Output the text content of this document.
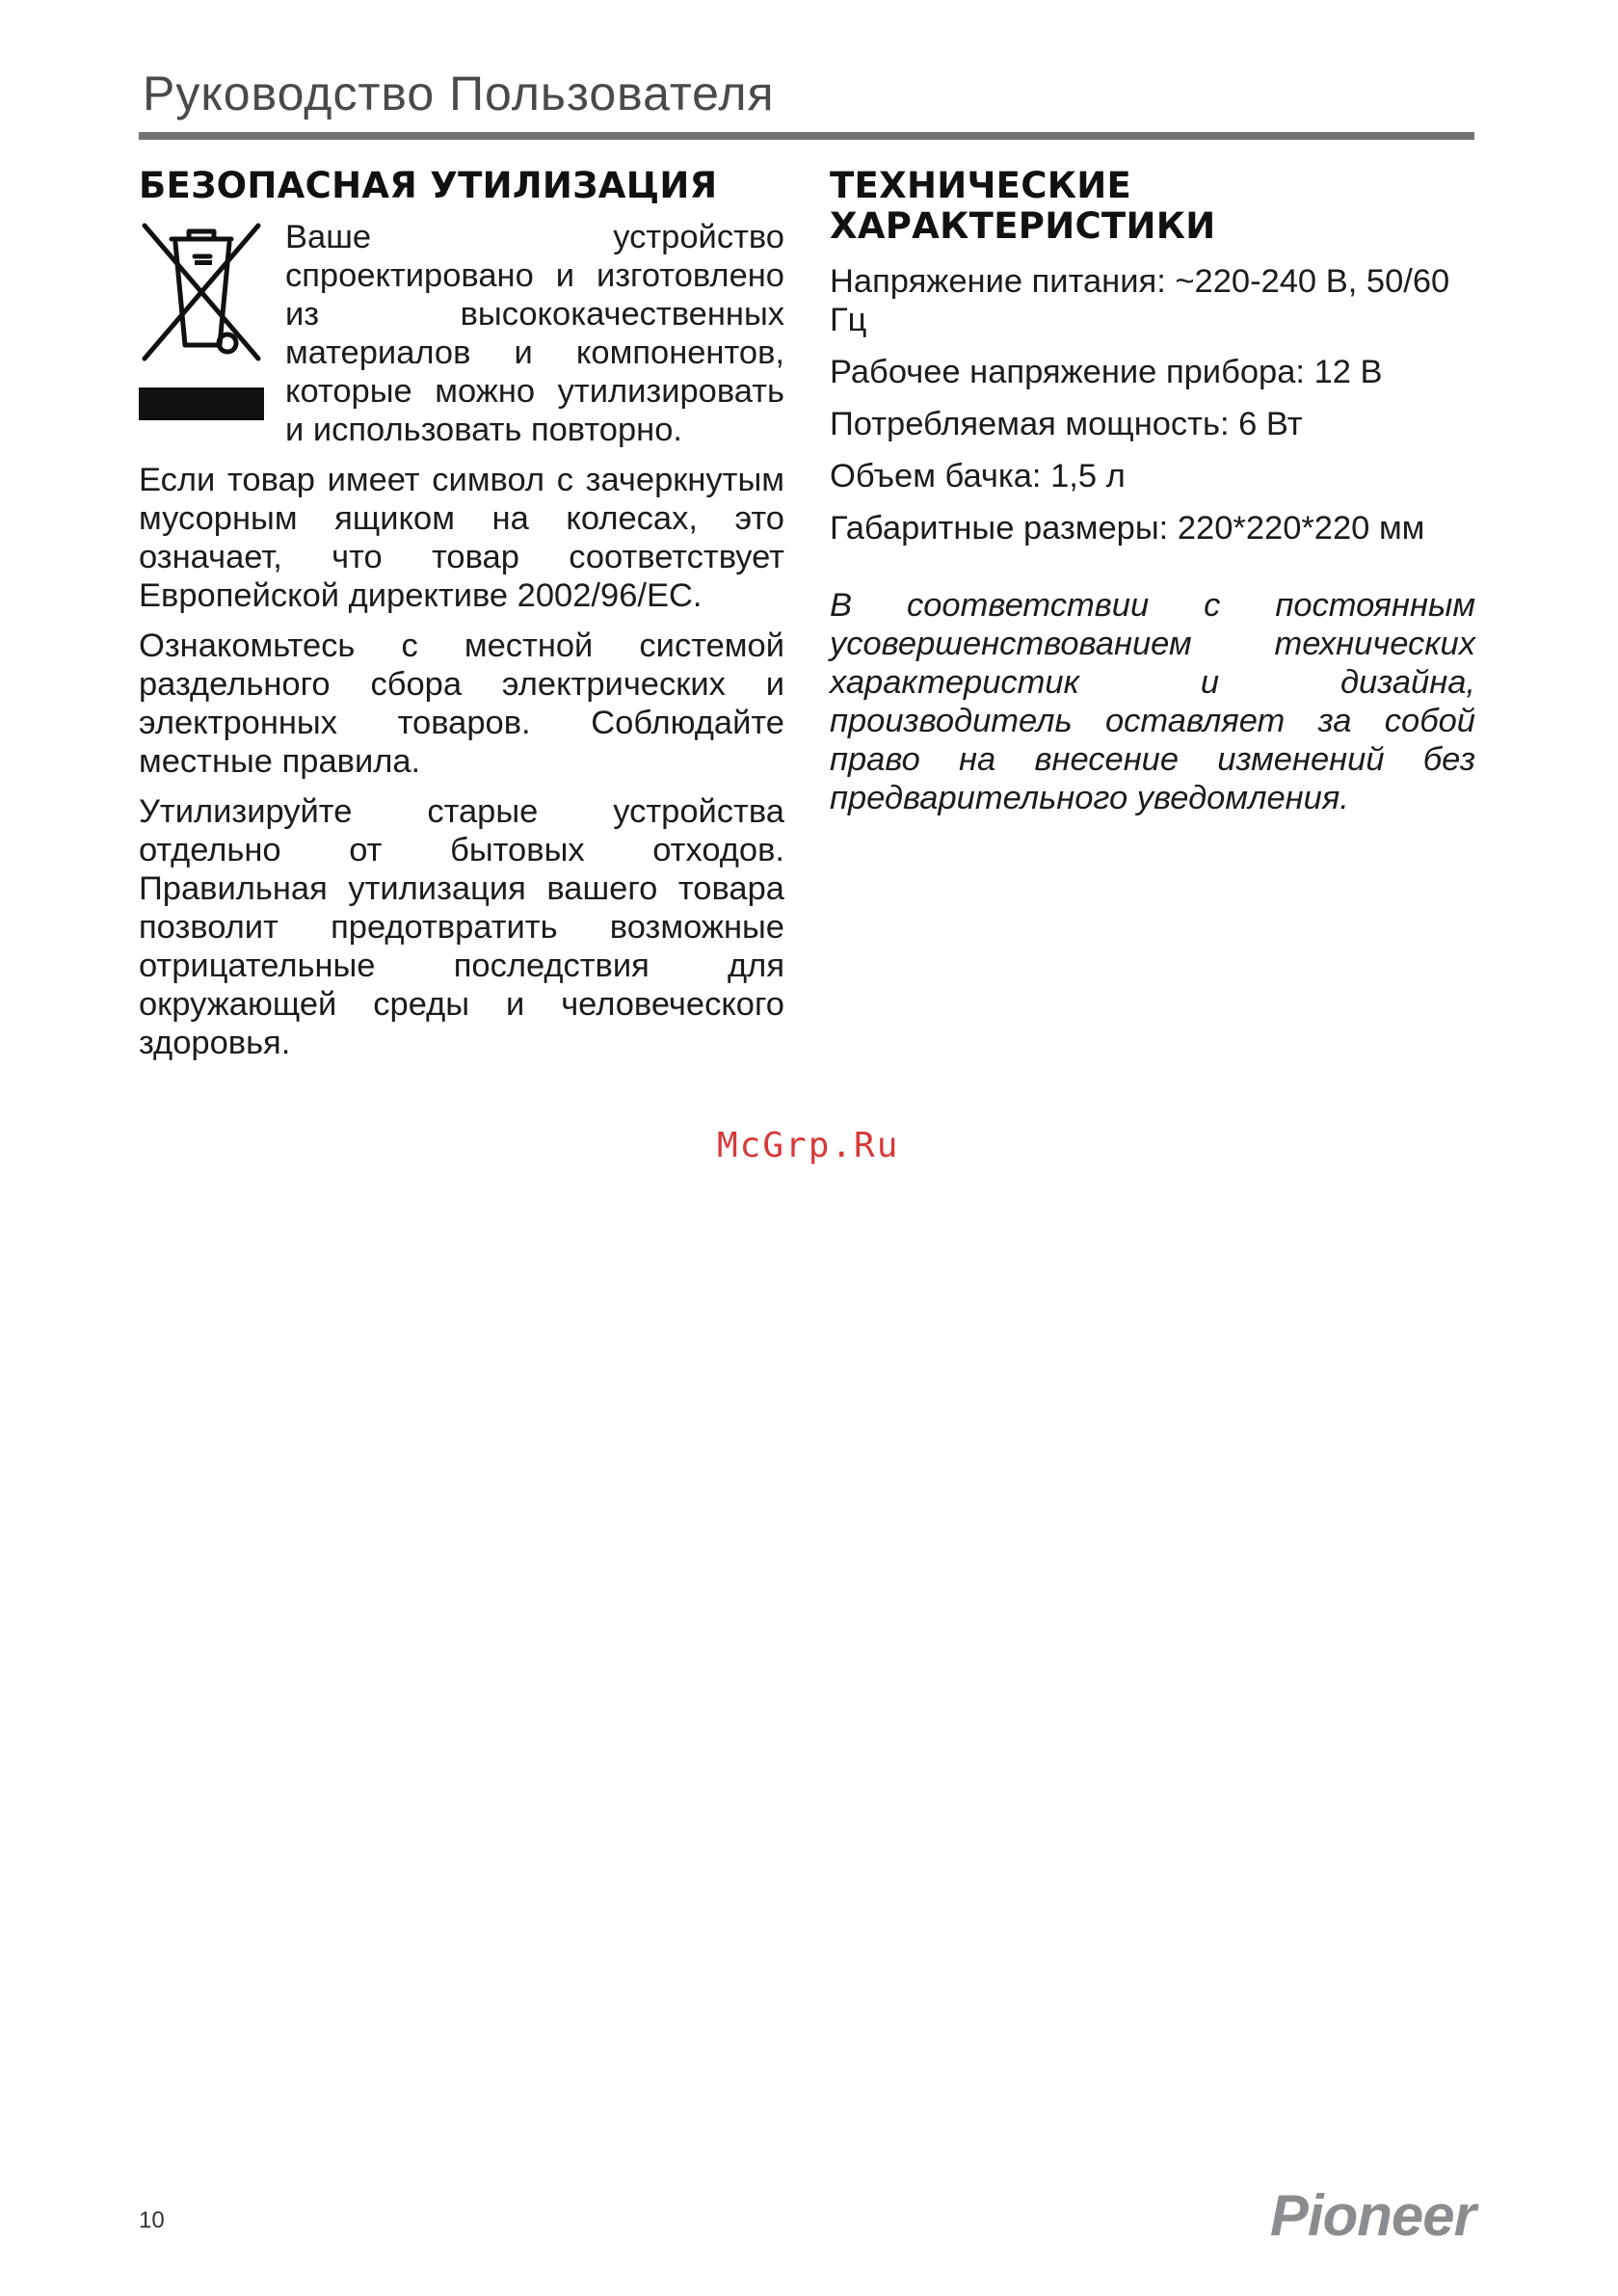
Руководство Пользователя
БЕЗОПАСНАЯ УТИЛИЗАЦИЯ

Ваше устройство спроектировано и изготовлено из высококачественных материалов и компонентов, которые можно утилизировать и использовать повторно.

Если товар имеет символ с зачеркнутым мусорным ящиком на колесах, это означает, что товар соответствует Европейской директиве 2002/96/EC.

Ознакомьтесь с местной системой раздельного сбора электрических и электронных товаров. Соблюдайте местные правила.

Утилизируйте старые устройства отдельно от бытовых отходов. Правильная утилизация вашего товара позволит предотвратить возможные отрицательные последствия для окружающей среды и человеческого здоровья.

ТЕХНИЧЕСКИЕ
ХАРАКТЕРИСТИКИ

Напряжение питания: ~220-240 В, 50/60 Гц

Рабочее напряжение прибора: 12 В

Потребляемая мощность: 6 Вт

Объем бачка: 1,5 л

Габаритные размеры: 220*220*220 мм

В соответствии с постоянным усовершенствованием технических характеристик и дизайна, производитель оставляет за собой право на внесение изменений без предварительного уведомления.

McGrp.Ru
10	Pioneer
